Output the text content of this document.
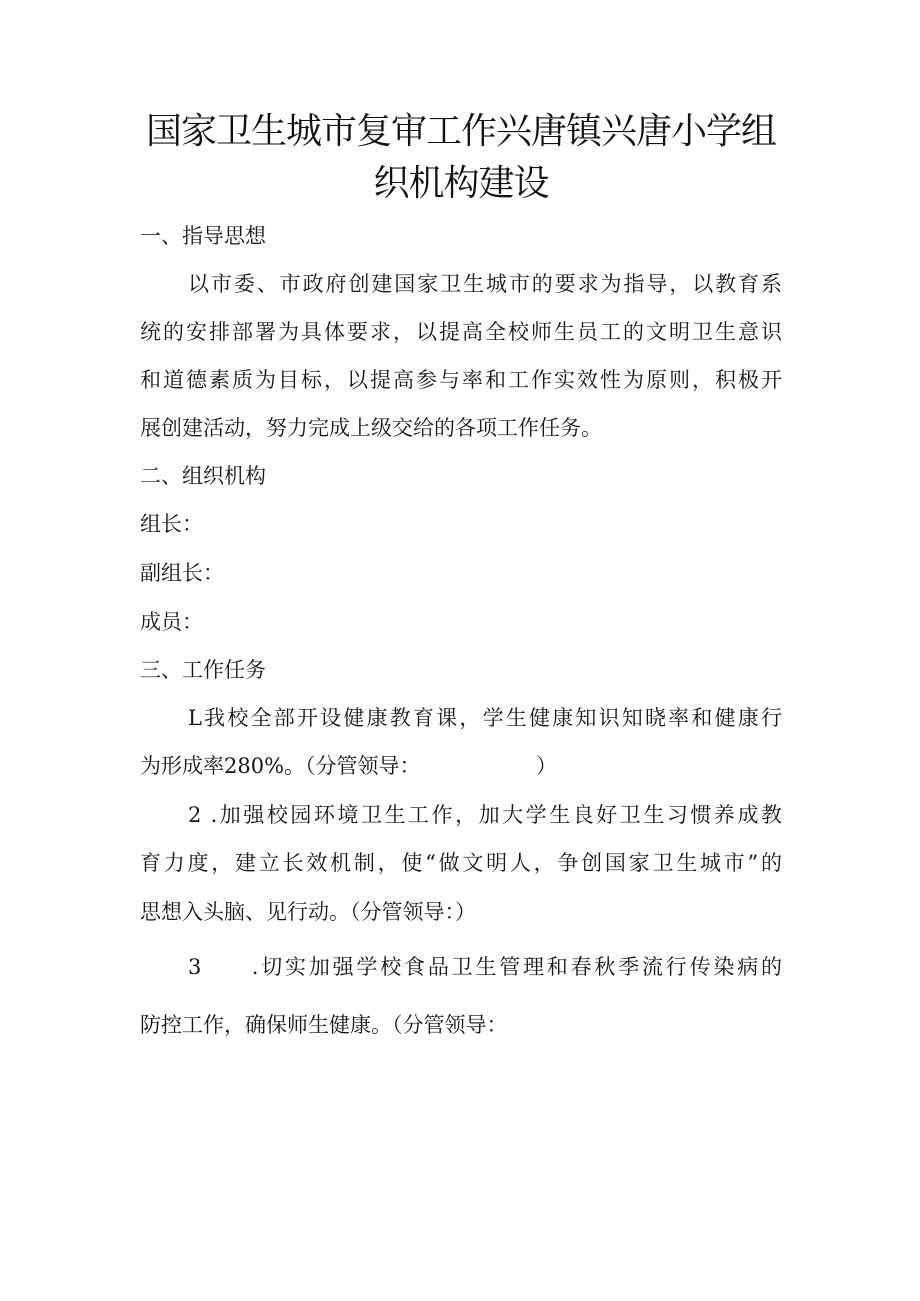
国家卫生城市复审工作兴唐镇兴唐小学组
织机构建设
一、指导思想
以市委、市政府创建国家卫生城市的要求为指导，以教育系
统的安排部署为具体要求，以提高全校师生员工的文明卫生意识
和道德素质为目标，以提高参与率和工作实效性为原则，积极开
展创建活动，努力完成上级交给的各项工作任务。
二、组织机构
组长：
副组长：
成员：
三、工作任务
L我校全部开设健康教育课，学生健康知识知晓率和健康行
为形成率280%。（分管领导：　　　　　　）
2 .加强校园环境卫生工作，加大学生良好卫生习惯养成教
育力度，建立长效机制，使“做文明人，争创国家卫生城市”的
思想入头脑、见行动。（分管领导：）
3　　.切实加强学校食品卫生管理和春秋季流行传染病的
防控工作，确保师生健康。（分管领导：
